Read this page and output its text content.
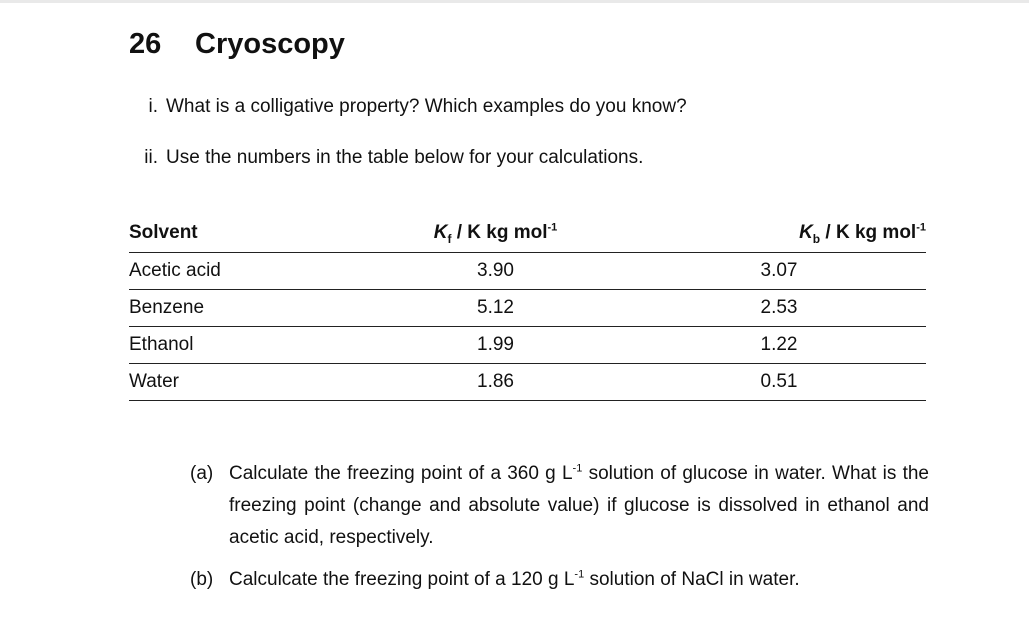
26 Cryoscopy
i. What is a colligative property? Which examples do you know?
ii. Use the numbers in the table below for your calculations.
Solvent	$K_f$ / K kg mol$^{-1}$	$K_b$ / K kg mol$^{-1}$
Acetic acid	3.90	3.07
Benzene	5.12	2.53
Ethanol	1.99	1.22
Water	1.86	0.51
(a) Calculate the freezing point of a 360 g $L^{-1}$ solution of glucose in water. What is the freezing point (change and absolute value) if glucose is dissolved in ethanol and acetic acid, respectively.
(b) Calculcate the freezing point of a 120 g $L^{-1}$ solution of NaCl in water.
